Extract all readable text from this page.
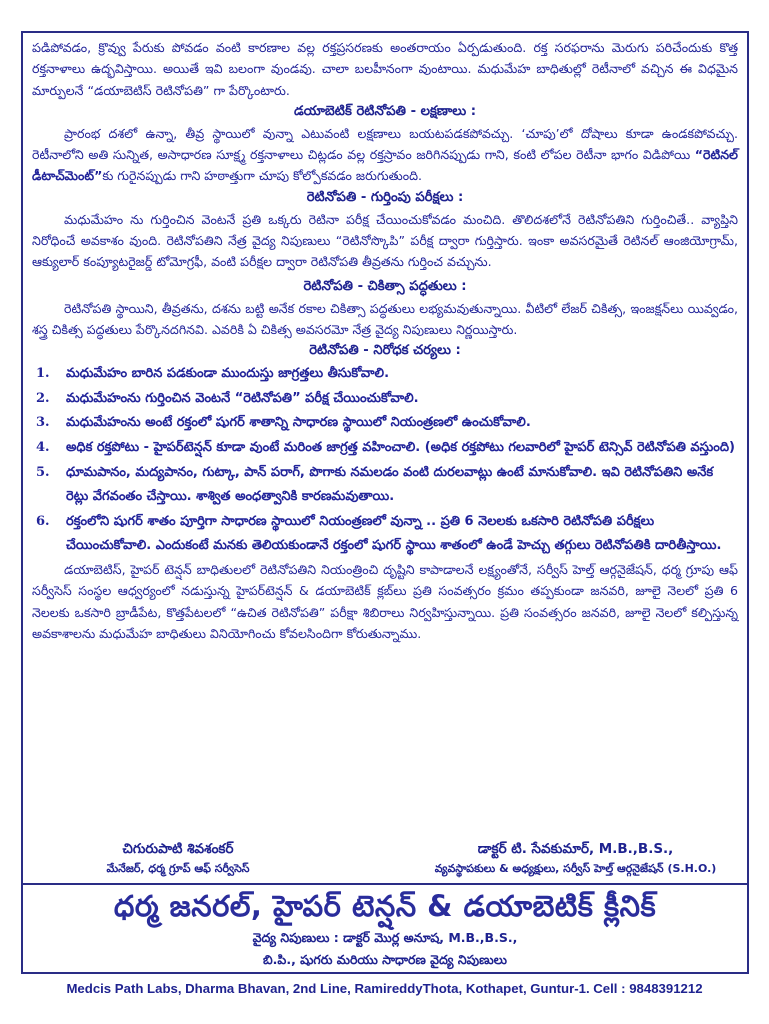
పడిపోవడం, క్రొవ్వు పేరుకు పోవడం వంటి కారణాల వల్ల రక్తప్రసరణకు అంతరాయం ఏర్పడుతుంది. రక్త సరఫరాను మెరుగు పరిచేందుకు కొత్త రక్తనాళాలు ఉద్భవిస్తాయి. అయితే ఇవి బలంగా వుండవు. చాలా బలహీనంగా వుంటాయి. మధుమేహ బాధితుల్లో రెటీనాలో వచ్చిన ఈ విధమైన మార్పులనే “డయాబెటిస్ రెటినోపతి” గా పేర్కొంటారు.

డయాబెటిక్ రెటినోపతి - లక్షణాలు :

ప్రారంభ దశలో ఉన్నా, తీవ్ర స్థాయిలో వున్నా ఎటువంటి లక్షణాలు బయటపడకపోవచ్చు. ‘చూపు’లో దోషాలు కూడా ఉండకపోవచ్చు. రెటీనాలోని అతి సున్నిత, అసాధారణ సూక్ష్మ రక్తనాళాలు చిట్లడం వల్ల రక్తస్రావం జరిగినప్పుడు గాని, కంటి లోపల రెటీనా భాగం విడిపోయి “రెటినల్ డీటాచ్‌మెంట్”కు గురైనప్పుడు గాని హఠాత్తుగా చూపు కోల్పోకవడం జరుగుతుంది.

రెటినోపతి - గుర్తింపు పరీక్షలు :

మధుమేహం ను గుర్తించిన వెంటనే ప్రతి ఒక్కరు రెటినా పరీక్ష చేయించుకోవడం మంచిది. తొలిదశలోనే రెటినోపతిని గుర్తించితే.. వ్యాప్తిని నిరోధించే అవకాశం వుంది. రెటినోపతిని నేత్ర వైద్య నిపుణులు “రెటినోస్కొపి” పరీక్ష ద్వారా గుర్తిస్తారు. ఇంకా అవసరమైతే రెటినల్ ఆంజియోగ్రామ్, ఆక్యులార్ కంప్యూటరైజర్డ్ టోమోగ్రఫీ, వంటి పరీక్షల ద్వారా రెటినోపతి తీవ్రతను గుర్తించ వచ్చును.

రెటినోపతి - చికిత్సా పద్ధతులు :

రెటినోపతి స్థాయిని, తీవ్రతను, దశను బట్టి అనేక రకాల చికిత్సా పద్ధతులు లభ్యమవుతున్నాయి. వీటిలో లేజర్ చికిత్స, ఇంజక్షన్‌లు యివ్వడం, శస్త్ర చికిత్స పద్ధతులు పేర్కొనదగినవి. ఎవరికి ఏ చికిత్స అవసరమో నేత్ర వైద్య నిపుణులు నిర్ణయిస్తారు.

రెటినోపతి - నిరోధక చర్యలు :
1. మధుమేహం బారిన పడకుండా ముందుస్తు జాగ్రత్తలు తీసుకోవాలి.
2. మధుమేహంను గుర్తించిన వెంటనే “రెటినోపతి” పరీక్ష చేయించుకోవాలి.
3. మధుమేహంను అంటే రక్తంలో షుగర్ శాతాన్ని సాధారణ స్థాయిలో నియంత్రణలో ఉంచుకోవాలి.
4. అధిక రక్తపోటు - హైపర్‌టెన్షన్ కూడా వుంటే మరింత జాగ్రత్త వహించాలి. (అధిక రక్తపోటు గలవారిలో హైపర్ టెన్సివ్ రెటినోపతి వస్తుంది)
5. ధూమపానం, మద్యపానం, గుట్కా, పాన్ పరాగ్, పొగాకు నమలడం వంటి దురలవాట్లు ఉంటే మానుకోవాలి. ఇవి రెటినోపతిని అనేక రెట్లు వేగవంతం చేస్తాయి. శాశ్విత అంధత్వానికి కారణమవుతాయి.
6. రక్తంలోని షుగర్ శాతం పూర్తిగా సాధారణ స్థాయిలో నియంత్రణలో వున్నా .. ప్రతి 6 నెలలకు ఒకసారి రెటినోపతి పరీక్షలు చేయించుకోవాలి. ఎందుకంటే మనకు తెలియకుండానే రక్తంలో షుగర్ స్థాయి శాతంలో ఉండే హెచ్చు తగ్గులు రెటినోపతికి దారితీస్తాయి.

డయాబెటిస్, హైపర్ టెన్షన్ బాధితులలో రెటినోపతిని నియంత్రించి దృష్టిని కాపాడాలనే లక్ష్యంతోనే, సర్వీస్ హెల్త్ ఆర్గనైజేషన్, ధర్మ గ్రూపు ఆఫ్ సర్వీసెస్ సంస్థల ఆధ్వర్యంలో నడుస్తున్న హైపర్‌టెన్షన్ & డయాబెటిక్ క్లబ్‌లు ప్రతి సంవత్సరం క్రమం తప్పకుండా జనవరి, జూలై నెలలో ప్రతి 6 నెలలకు ఒకసారి బ్రాడీపేట, కొత్తపేటలలో “ఉచిత రెటినోపతి” పరీక్షా శిబిరాలు నిర్వహిస్తున్నాయి. ప్రతి సంవత్సరం జనవరి, జూలై నెలలో కల్పిస్తున్న అవకాశాలను మధుమేహ బాధితులు వినియోగించు కోవలసిందిగా కోరుతున్నాము.

చిగురుపాటి శివశంకర్
మేనేజర్, ధర్మ గ్రూప్ ఆఫ్ సర్వీసెస్
డాక్టర్ టి. సేవకుమార్, M.B.,B.S.,
వ్యవస్థాపకులు & అధ్యక్షులు, సర్వీస్ హెల్త్ ఆర్గనైజేషన్ (S.H.O.)
ధర్మ జనరల్, హైపర్ టెన్షన్ & డయాబెటిక్ క్లీనిక్
వైద్య నిపుణులు : డాక్టర్ మొర్ల అనూష, M.B.,B.S.,
బి.పి., షుగరు మరియు సాధారణ వైద్య నిపుణులు
Medcis Path Labs, Dharma Bhavan, 2nd Line, RamireddyThota, Kothapet, Guntur-1. Cell : 9848391212
